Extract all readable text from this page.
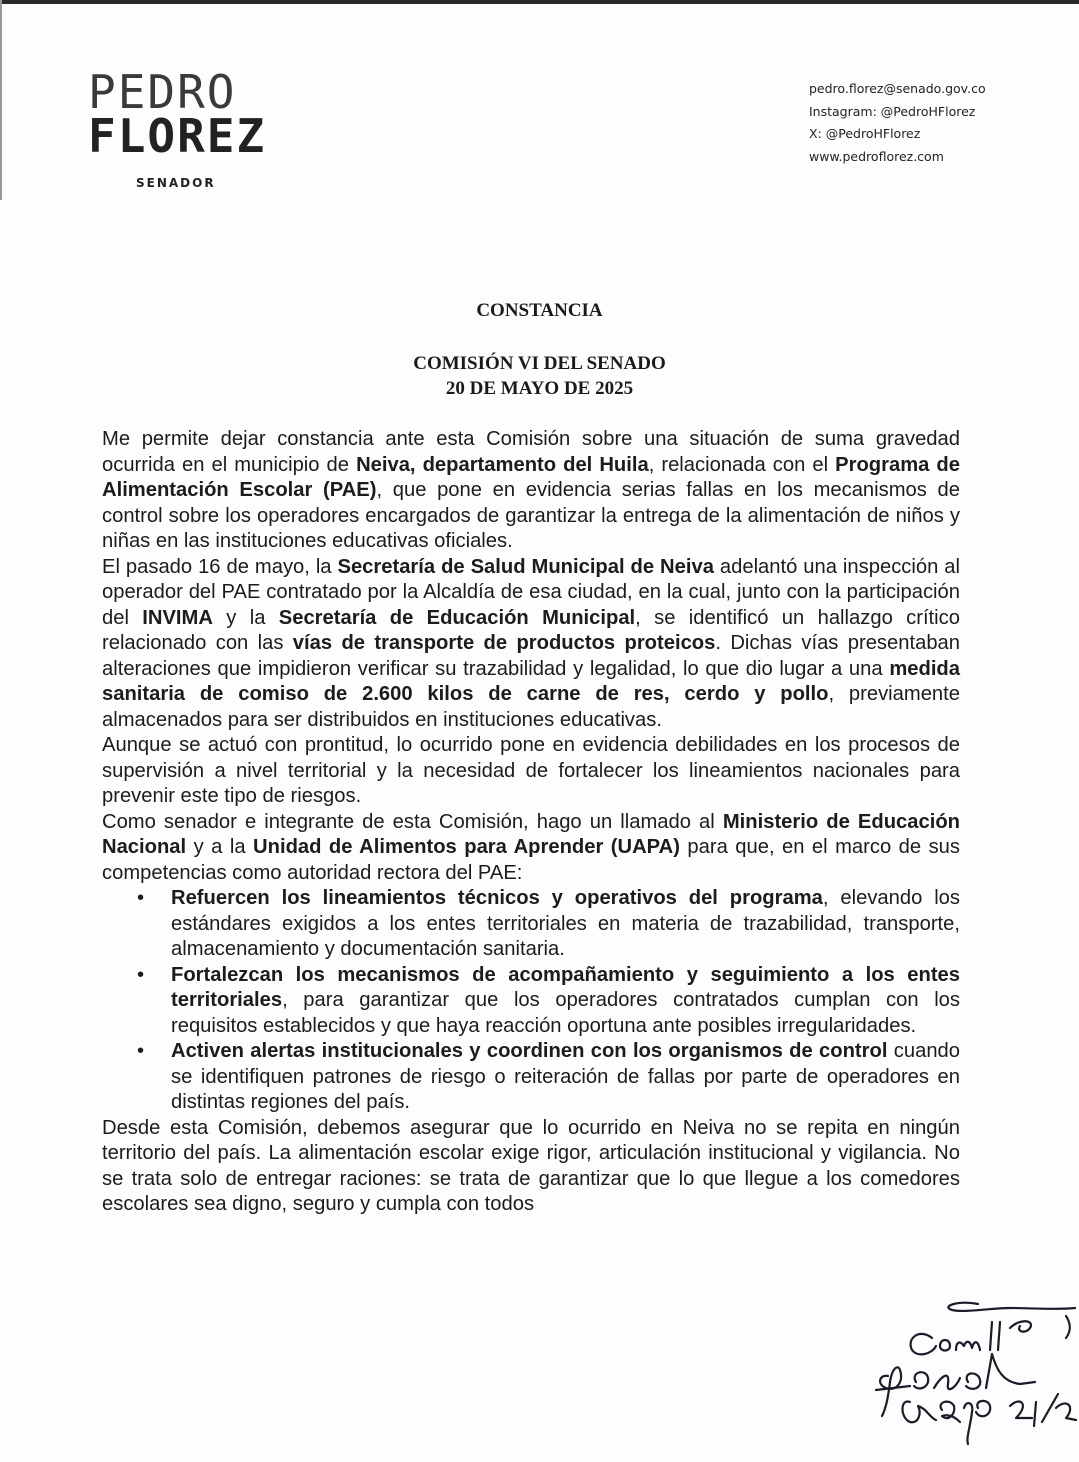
PEDRO
FLOREZ
SENADOR
pedro.florez@senado.gov.co
Instagram: @PedroHFlorez
X: @PedroHFlorez
www.pedroflorez.com
CONSTANCIA
COMISIÓN VI DEL SENADO
20 DE MAYO DE 2025

Me permite dejar constancia ante esta Comisión sobre una situación de suma gravedad ocurrida en el municipio de Neiva, departamento del Huila, relacionada con el Programa de Alimentación Escolar (PAE), que pone en evidencia serias fallas en los mecanismos de control sobre los operadores encargados de garantizar la entrega de la alimentación de niños y niñas en las instituciones educativas oficiales.

El pasado 16 de mayo, la Secretaría de Salud Municipal de Neiva adelantó una inspección al operador del PAE contratado por la Alcaldía de esa ciudad, en la cual, junto con la participación del INVIMA y la Secretaría de Educación Municipal, se identificó un hallazgo crítico relacionado con las vías de transporte de productos proteicos. Dichas vías presentaban alteraciones que impidieron verificar su trazabilidad y legalidad, lo que dio lugar a una medida sanitaria de comiso de 2.600 kilos de carne de res, cerdo y pollo, previamente almacenados para ser distribuidos en instituciones educativas.

Aunque se actuó con prontitud, lo ocurrido pone en evidencia debilidades en los procesos de supervisión a nivel territorial y la necesidad de fortalecer los lineamientos nacionales para prevenir este tipo de riesgos.

Como senador e integrante de esta Comisión, hago un llamado al Ministerio de Educación Nacional y a la Unidad de Alimentos para Aprender (UAPA) para que, en el marco de sus competencias como autoridad rectora del PAE:

• Refuercen los lineamientos técnicos y operativos del programa, elevando los estándares exigidos a los entes territoriales en materia de trazabilidad, transporte, almacenamiento y documentación sanitaria.
• Fortalezcan los mecanismos de acompañamiento y seguimiento a los entes territoriales, para garantizar que los operadores contratados cumplan con los requisitos establecidos y que haya reacción oportuna ante posibles irregularidades.
• Activen alertas institucionales y coordinen con los organismos de control cuando se identifiquen patrones de riesgo o reiteración de fallas por parte de operadores en distintas regiones del país.

Desde esta Comisión, debemos asegurar que lo ocurrido en Neiva no se repita en ningún territorio del país. La alimentación escolar exige rigor, articulación institucional y vigilancia. No se trata solo de entregar raciones: se trata de garantizar que lo que llegue a los comedores escolares sea digno, seguro y cumpla con todos
